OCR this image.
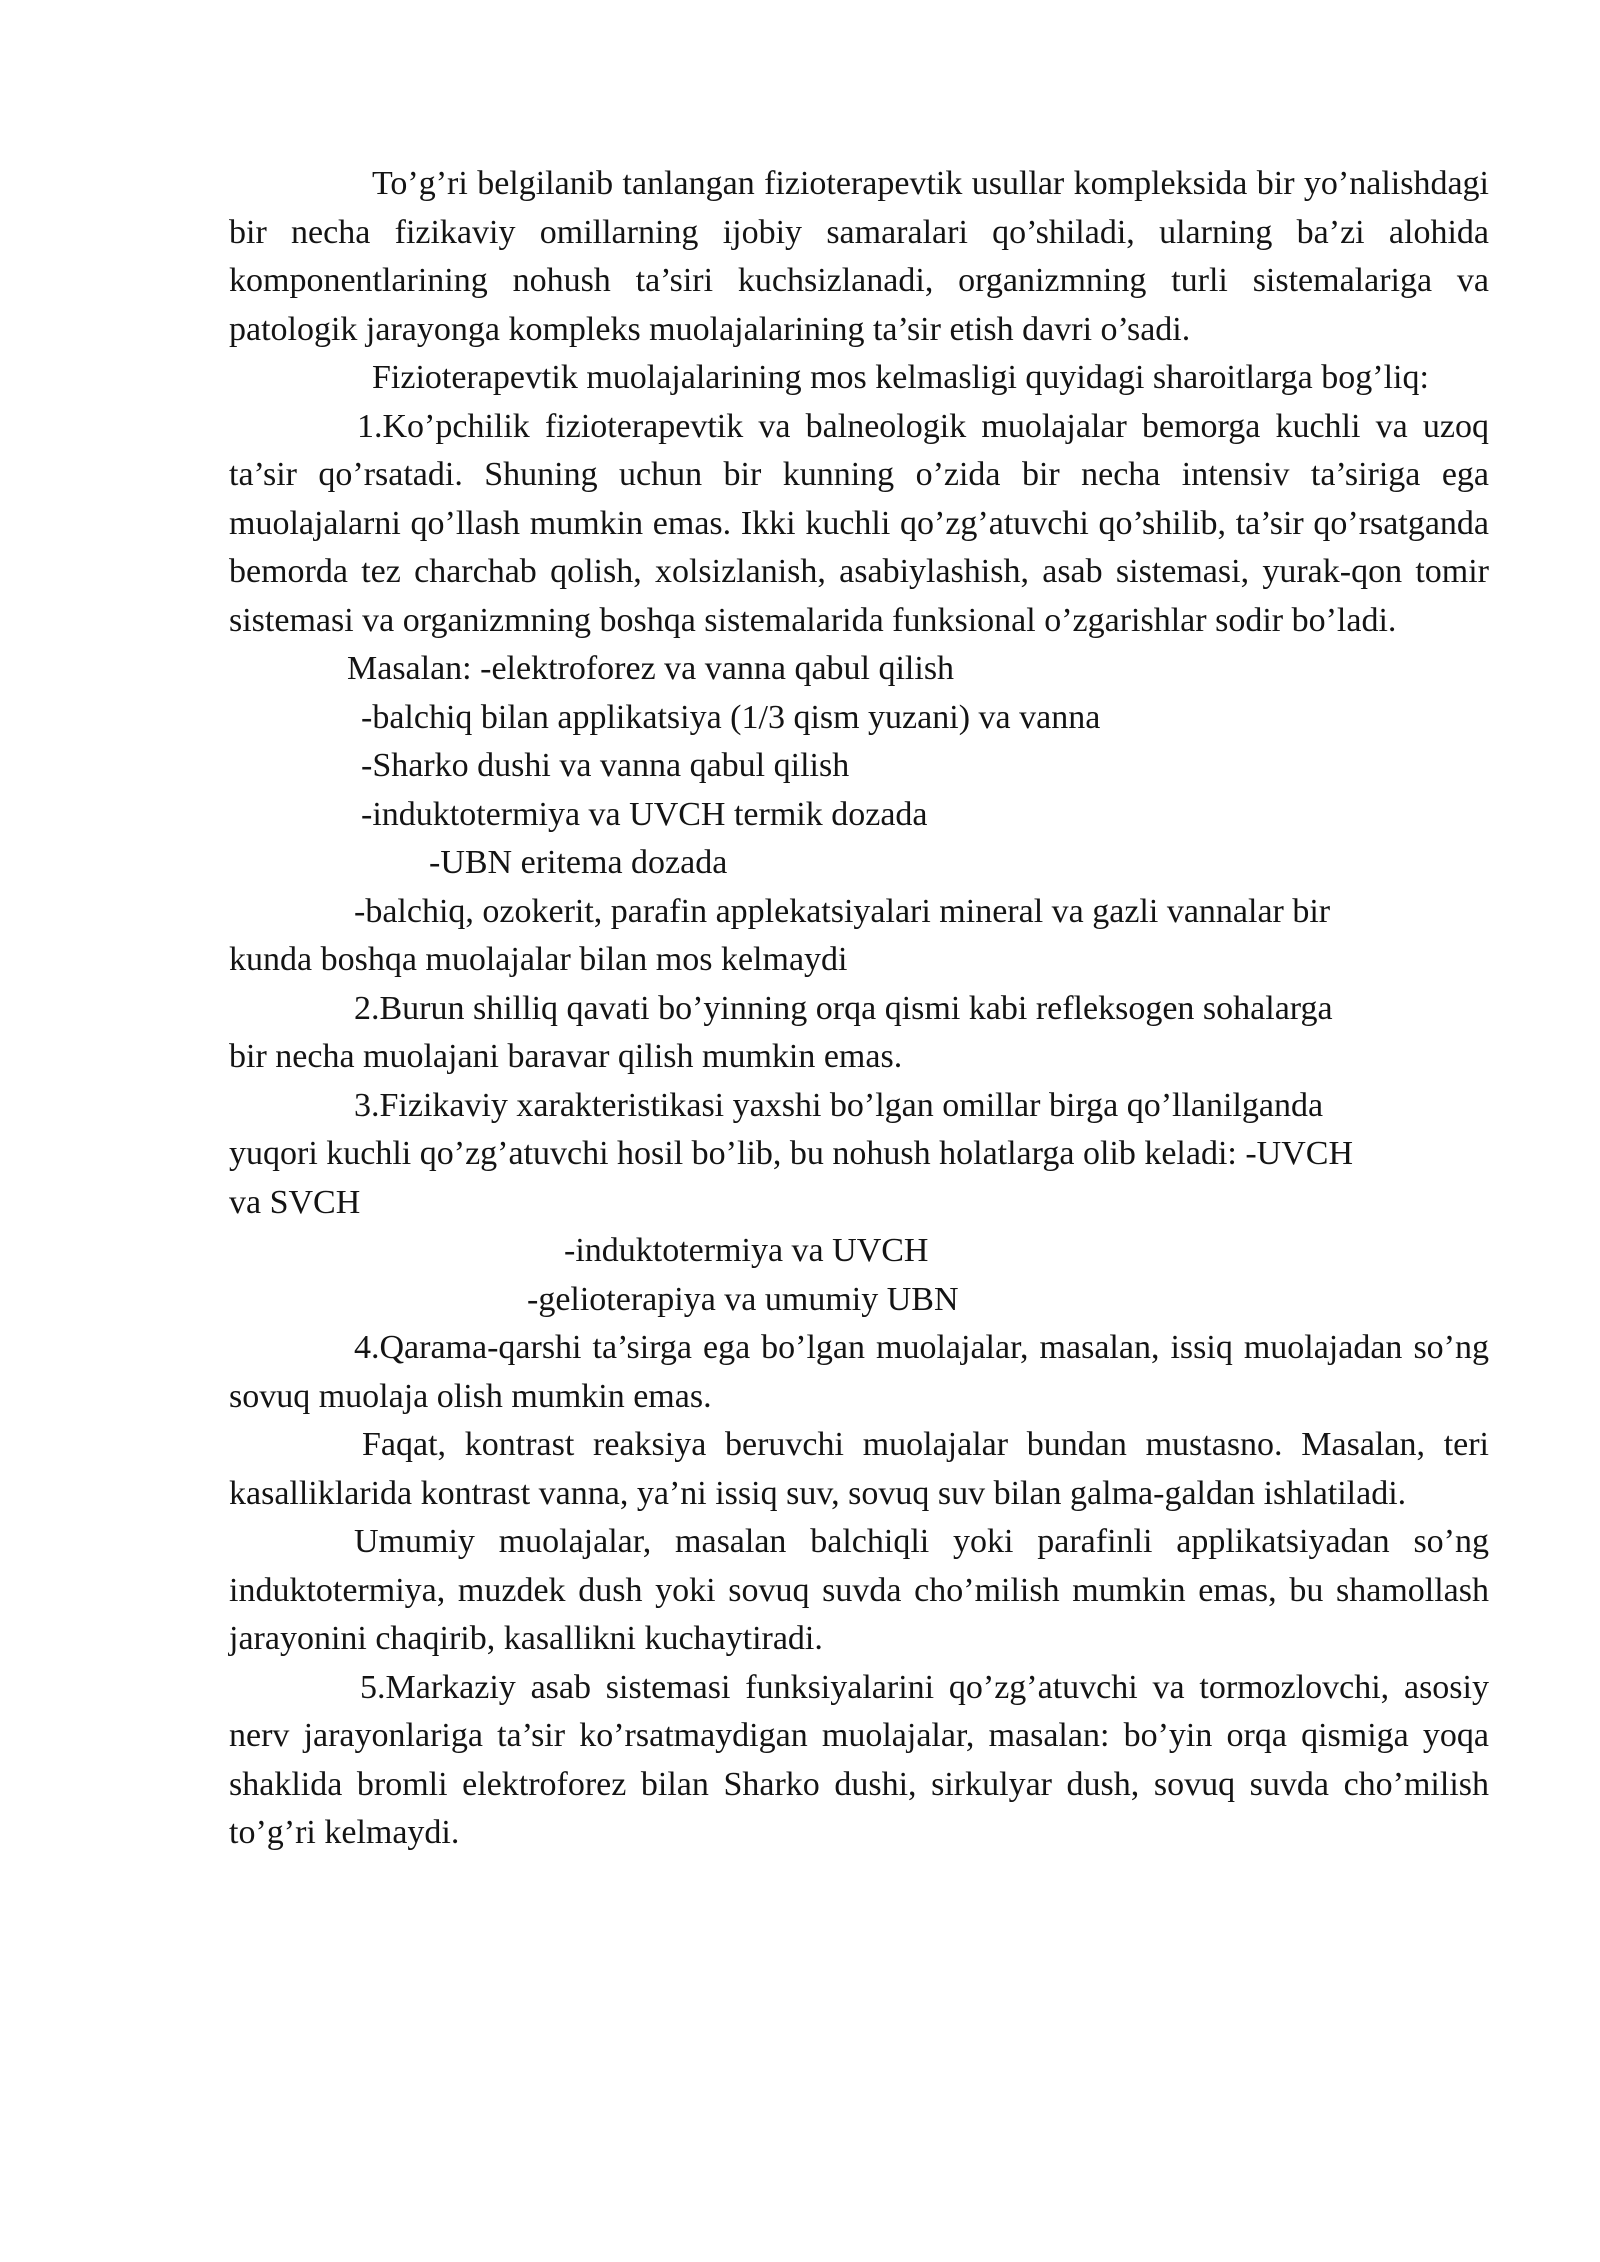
To’g’ri belgilanib tanlangan fizioterapevtik usullar kompleksida bir yo’nalishdagi bir necha fizikaviy omillarning ijobiy samaralari qo’shiladi, ularning ba’zi alohida komponentlarining nohush ta’siri kuchsizlanadi, organizmning turli sistemalariga va patologik jarayonga kompleks muolajalarining ta’sir etish davri o’sadi.

Fizioterapevtik muolajalarining mos kelmasligi quyidagi sharoitlarga bog’liq:

1.Ko’pchilik fizioterapevtik va balneologik muolajalar bemorga kuchli va uzoq ta’sir qo’rsatadi. Shuning uchun bir kunning o’zida bir necha intensiv ta’siriga ega muolajalarni qo’llash mumkin emas. Ikki kuchli qo’zg’atuvchi qo’shilib, ta’sir qo’rsatganda bemorda tez charchab qolish, xolsizlanish, asabiylashish, asab sistemasi, yurak-qon tomir sistemasi va organizmning boshqa sistemalarida funksional o’zgarishlar sodir bo’ladi.

Masalan: -elektroforez va vanna qabul qilish

-balchiq bilan applikatsiya (1/3 qism yuzani) va vanna

-Sharko dushi va vanna qabul qilish

-induktotermiya va UVCH termik dozada

-UBN eritema dozada

-balchiq, ozokerit, parafin applekatsiyalari mineral va gazli vannalar bir

kunda boshqa muolajalar bilan mos kelmaydi

2.Burun shilliq qavati bo’yinning orqa qismi kabi refleksogen sohalarga

bir necha muolajani baravar qilish mumkin emas.

3.Fizikaviy xarakteristikasi yaxshi bo’lgan omillar birga qo’llanilganda

yuqori kuchli qo’zg’atuvchi hosil bo’lib, bu nohush holatlarga olib keladi: -UVCH

va SVCH

-induktotermiya va UVCH

-gelioterapiya va umumiy UBN

4.Qarama-qarshi ta’sirga ega bo’lgan muolajalar, masalan, issiq muolajadan so’ng sovuq muolaja olish mumkin emas.

Faqat, kontrast reaksiya beruvchi muolajalar bundan mustasno. Masalan, teri kasalliklarida kontrast vanna, ya’ni issiq suv, sovuq suv bilan galma-galdan ishlatiladi.

Umumiy muolajalar, masalan balchiqli yoki parafinli applikatsiyadan so’ng induktotermiya, muzdek dush yoki sovuq suvda cho’milish mumkin emas, bu shamollash jarayonini chaqirib, kasallikni kuchaytiradi.

5.Markaziy asab sistemasi funksiyalarini qo’zg’atuvchi va tormozlovchi, asosiy nerv jarayonlariga ta’sir ko’rsatmaydigan muolajalar, masalan: bo’yin orqa qismiga yoqa shaklida bromli elektroforez bilan Sharko dushi, sirkulyar dush, sovuq suvda cho’milish to’g’ri kelmaydi.
